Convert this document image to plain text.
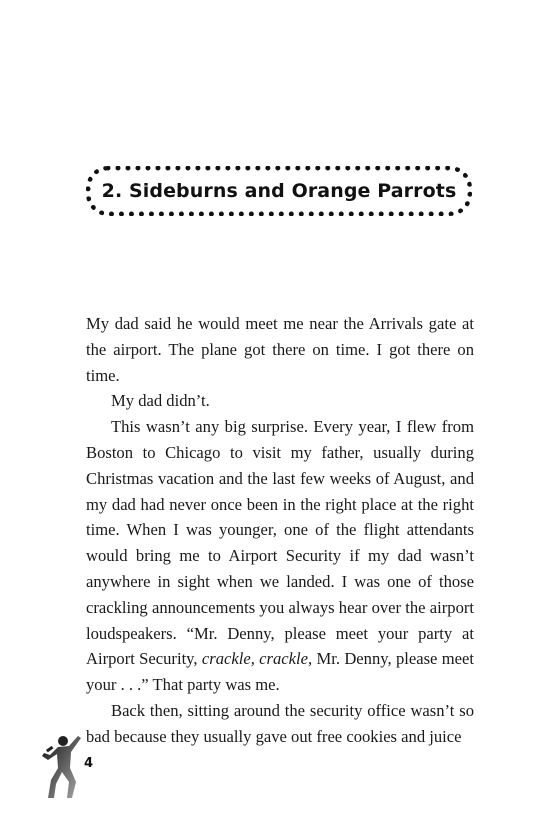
2. Sideburns and Orange Parrots

My dad said he would meet me near the Arrivals gate at the airport. The plane got there on time. I got there on time.

My dad didn’t.

This wasn’t any big surprise. Every year, I flew from Boston to Chicago to visit my father, usually during Christmas vacation and the last few weeks of August, and my dad had never once been in the right place at the right time. When I was younger, one of the flight attendants would bring me to Airport Security if my dad wasn’t anywhere in sight when we landed. I was one of those crackling announcements you always hear over the airport loudspeakers. “Mr. Denny, please meet your party at Airport Security, crackle, crackle, Mr. Denny, please meet your . . .” That party was me.

Back then, sitting around the security office wasn’t so bad because they usually gave out free cookies and juice

4
